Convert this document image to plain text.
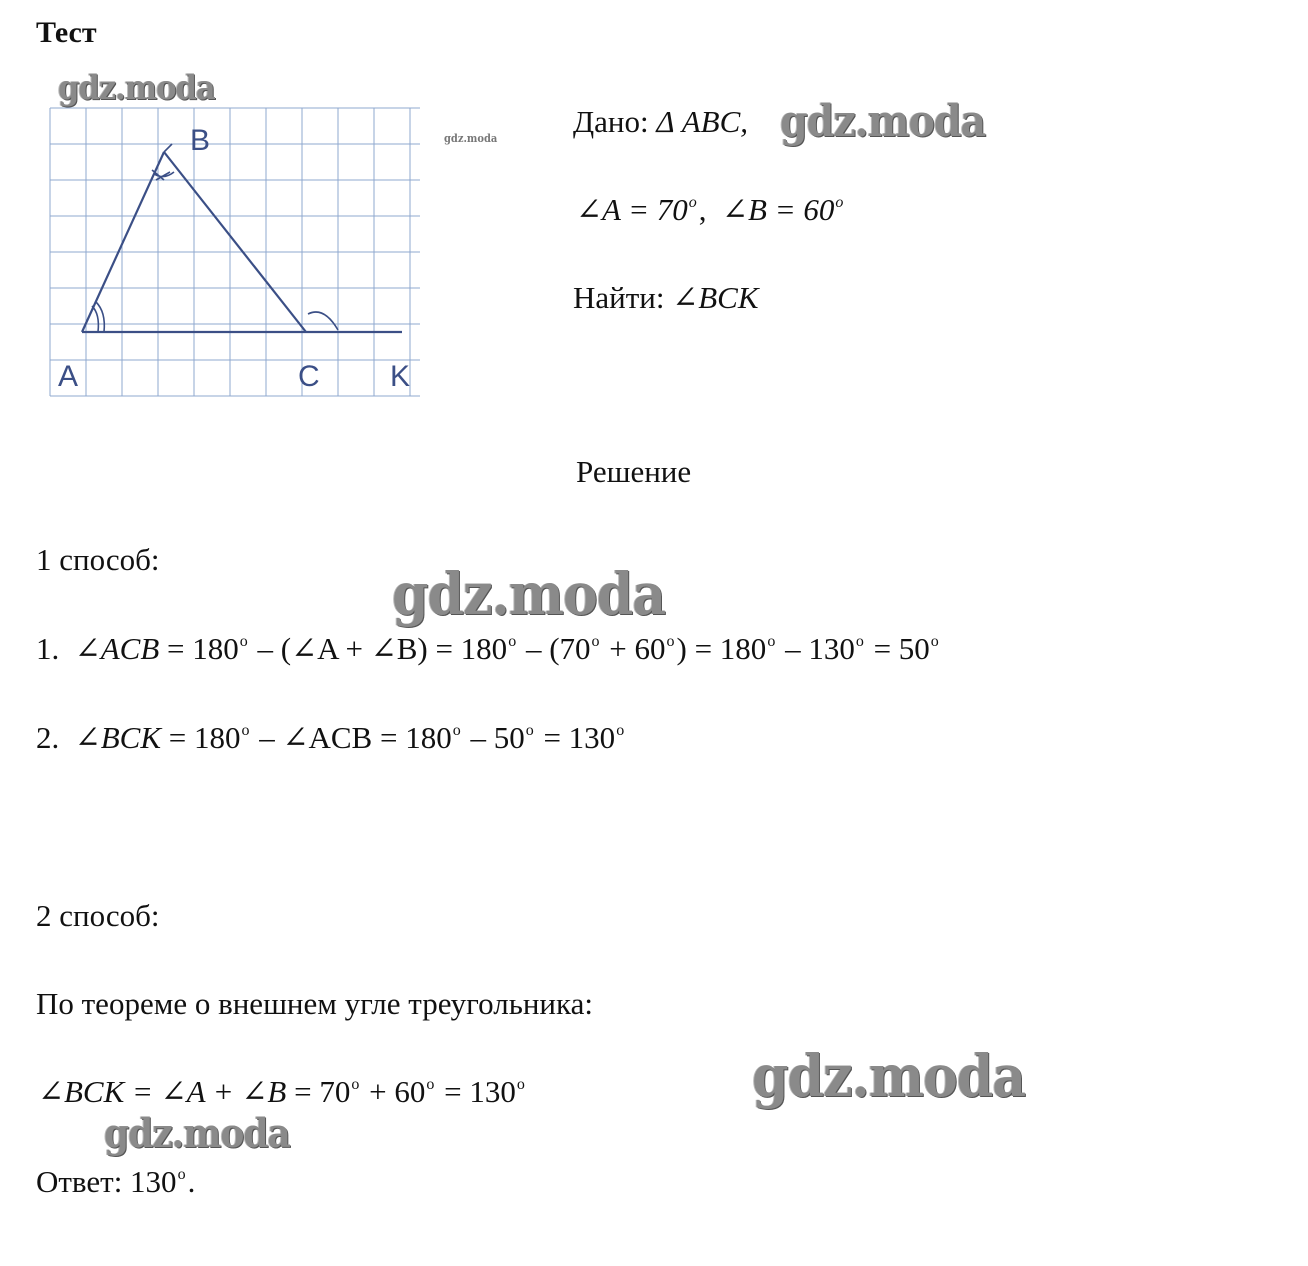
Тест
gdz.moda
gdz.moda	gdz.moda
gdz.moda
gdz.moda
gdz.moda
A
B
C K
Дано: Δ ABC,
∠A = $70^о$,  ∠B = $60^о$
Найти: ∠BCK
Решение
1 способ:
1. ∠ACB = $180^о$ – (∠A + ∠B) = $180^о - (70^о + 60^о) = 180^о - 130^о = 50^о$
2. ∠BCK = $180^о$ – ∠ACB = $180^о - 50^о = 130^о$
2 способ:
По теореме о внешнем угле треугольника:
∠BCK = ∠A + ∠B = $70^о + 60^о = 130^о$
Ответ: $130^о$.
